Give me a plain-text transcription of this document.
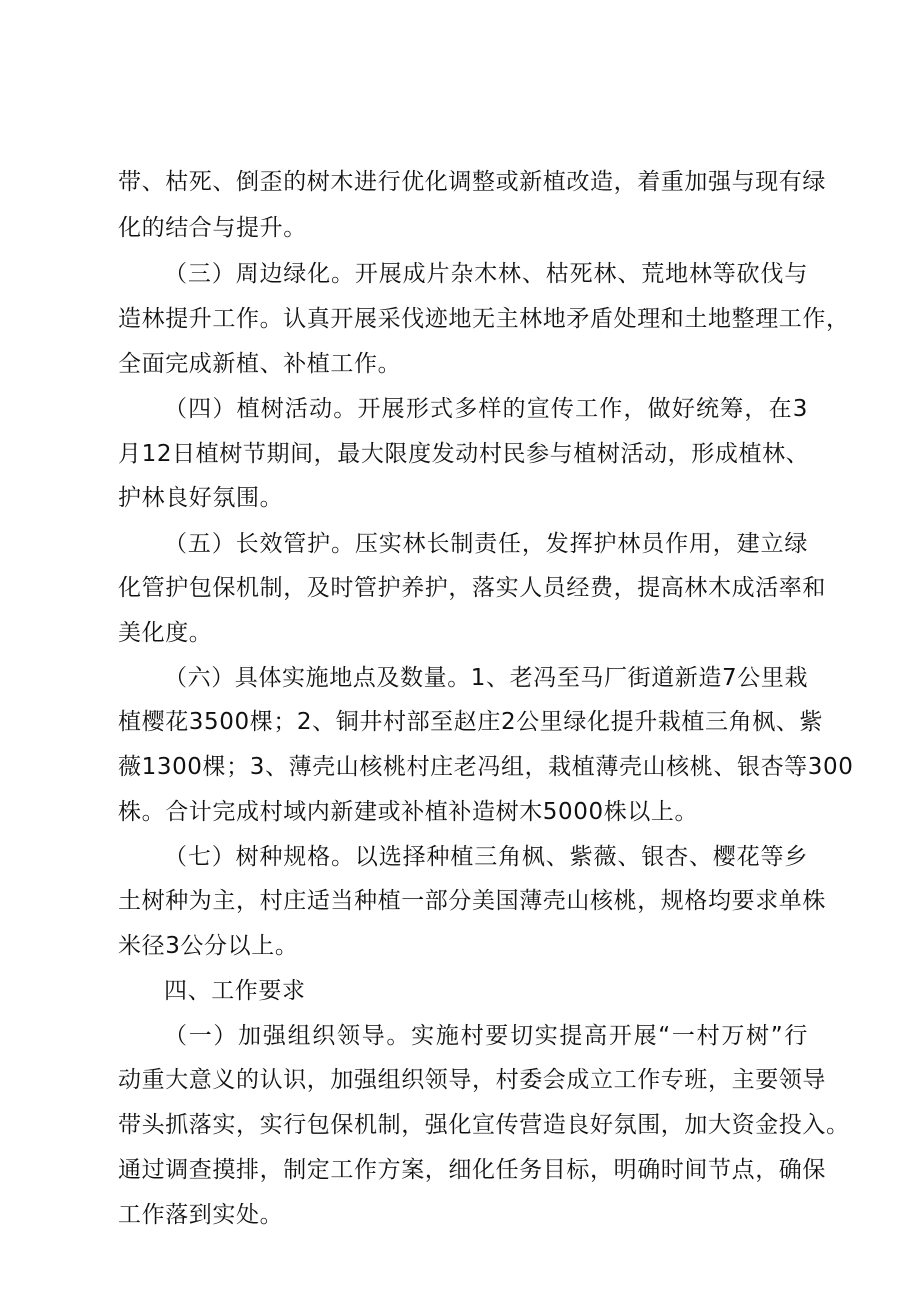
带、枯死、倒歪的树木进行优化调整或新植改造，着重加强与现有绿
化的结合与提升。
（三）周边绿化。开展成片杂木林、枯死林、荒地林等砍伐与
造林提升工作。认真开展采伐迹地无主林地矛盾处理和土地整理工作，
全面完成新植、补植工作。
（四）植树活动。开展形式多样的宣传工作，做好统筹，在3
月12日植树节期间，最大限度发动村民参与植树活动，形成植林、
护林良好氛围。
（五）长效管护。压实林长制责任，发挥护林员作用，建立绿
化管护包保机制，及时管护养护，落实人员经费，提高林木成活率和
美化度。
（六）具体实施地点及数量。1、老冯至马厂街道新造7公里栽
植樱花3500棵；2、铜井村部至赵庄2公里绿化提升栽植三角枫、紫
薇1300棵；3、薄壳山核桃村庄老冯组，栽植薄壳山核桃、银杏等300
株。合计完成村域内新建或补植补造树木5000株以上。
（七）树种规格。以选择种植三角枫、紫薇、银杏、樱花等乡
土树种为主，村庄适当种植一部分美国薄壳山核桃，规格均要求单株
米径3公分以上。
四、工作要求
（一）加强组织领导。实施村要切实提高开展“一村万树”行
动重大意义的认识，加强组织领导，村委会成立工作专班，主要领导
带头抓落实，实行包保机制，强化宣传营造良好氛围，加大资金投入。
通过调查摸排，制定工作方案，细化任务目标，明确时间节点，确保
工作落到实处。
